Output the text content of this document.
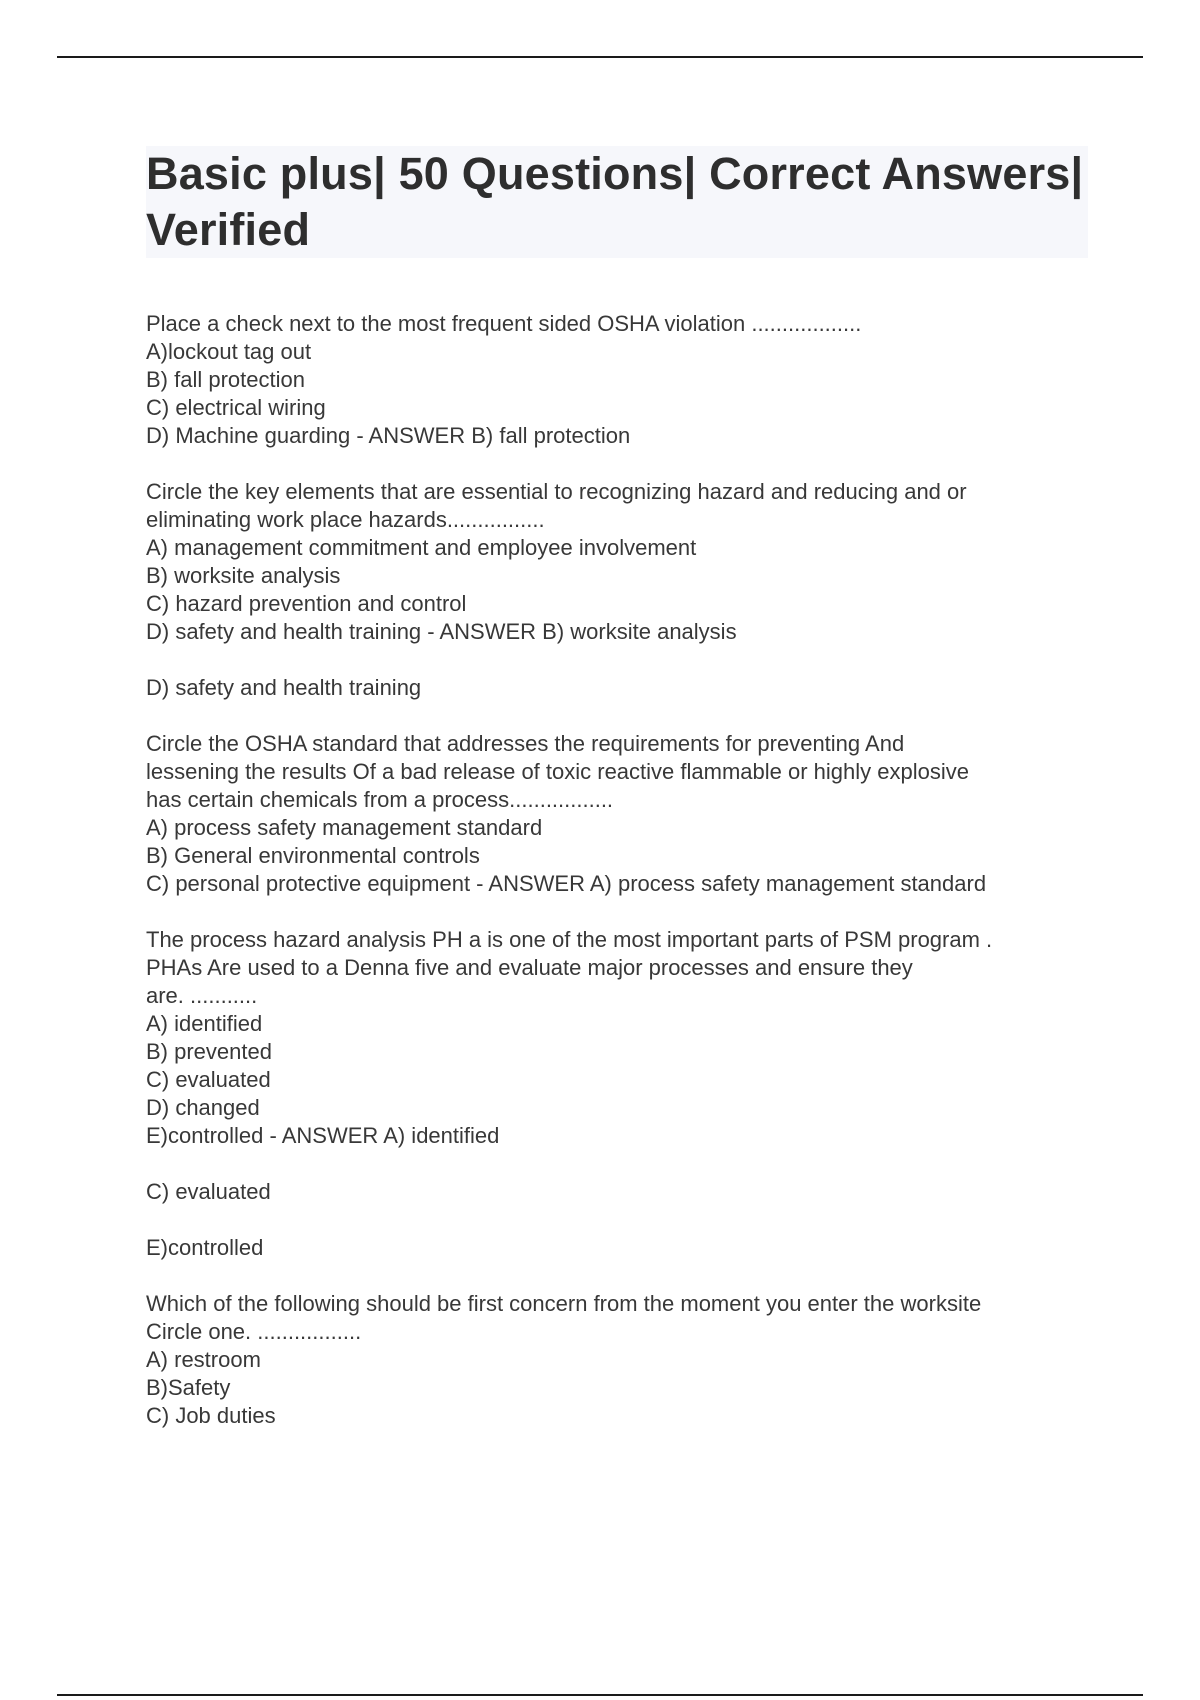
Basic plus| 50 Questions| Correct Answers| Verified
Place a check next to the most frequent sided OSHA violation ..................
A)lockout tag out
B) fall protection
C) electrical wiring
D) Machine guarding - ANSWER B) fall protection
Circle the key elements that are essential to recognizing hazard and reducing and or
eliminating work place hazards................
A) management commitment and employee involvement
B) worksite analysis
C) hazard prevention and control
D) safety and health training - ANSWER B) worksite analysis
D) safety and health training
Circle the OSHA standard that addresses the requirements for preventing And
lessening the results Of a bad release of toxic reactive flammable or highly explosive
has certain chemicals from a process.................
A) process safety management standard
B) General environmental controls
C) personal protective equipment - ANSWER A) process safety management standard
The process hazard analysis PH a is one of the most important parts of PSM program .
PHAs Are used to a Denna five and evaluate major processes and ensure they
are. ...........
A) identified
B) prevented
C) evaluated
D) changed
E)controlled - ANSWER A) identified
C) evaluated
E)controlled
Which of the following should be first concern from the moment you enter the worksite
Circle one. .................
A) restroom
B)Safety
C) Job duties
